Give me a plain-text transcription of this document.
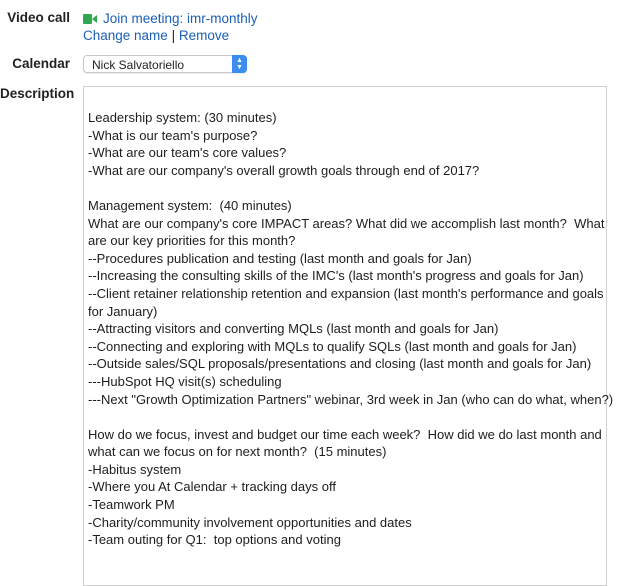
Video call	Join meeting: imr-monthly
Change name | Remove
Calendar	Nick Salvatoriello	▲
▼
Description
Leadership system: (30 minutes)
-What is our team's purpose?
-What are our team's core values?
-What are our company's overall growth goals through end of 2017?
Management system:  (40 minutes)
What are our company's core IMPACT areas? What did we accomplish last month?  What
are our key priorities for this month?
--Procedures publication and testing (last month and goals for Jan)
--Increasing the consulting skills of the IMC's (last month's progress and goals for Jan)
--Client retainer relationship retention and expansion (last month's performance and goals
for January)
--Attracting visitors and converting MQLs (last month and goals for Jan)
--Connecting and exploring with MQLs to qualify SQLs (last month and goals for Jan)
--Outside sales/SQL proposals/presentations and closing (last month and goals for Jan)
---HubSpot HQ visit(s) scheduling
---Next "Growth Optimization Partners" webinar, 3rd week in Jan (who can do what, when?)
How do we focus, invest and budget our time each week?  How did we do last month and
what can we focus on for next month?  (15 minutes)
-Habitus system
-Where you At Calendar + tracking days off
-Teamwork PM
-Charity/community involvement opportunities and dates
-Team outing for Q1:  top options and voting
